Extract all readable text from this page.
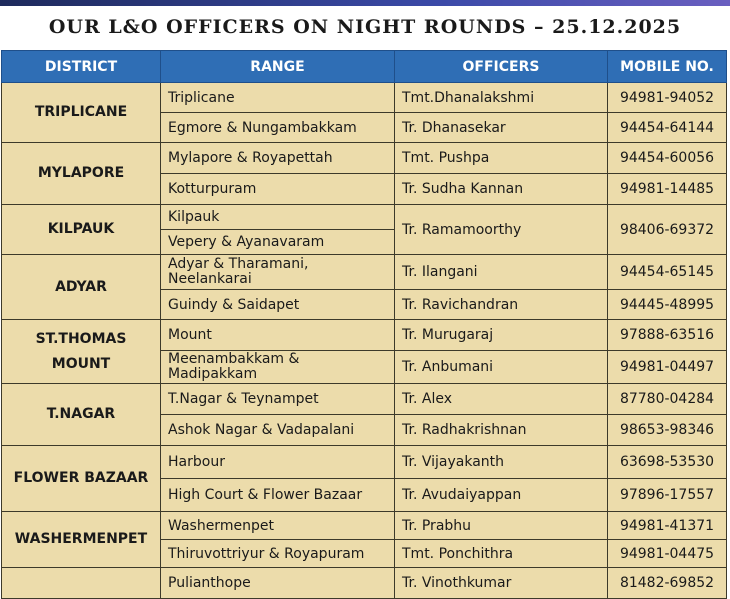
OUR L&O OFFICERS ON NIGHT ROUNDS – 25.12.2025
DISTRICT	RANGE	OFFICERS	MOBILE NO.
TRIPLICANE	Triplicane	Tmt.Dhanalakshmi	94981-94052
	Egmore & Nungambakkam	Tr. Dhanasekar	94454-64144
MYLAPORE	Mylapore & Royapettah	Tmt. Pushpa	94454-60056
	Kotturpuram	Tr. Sudha Kannan	94981-14485
KILPAUK	Kilpauk	Tr. Ramamoorthy	98406-69372
	Vepery & Ayanavaram		
ADYAR	Adyar & Tharamani, Neelankarai	Tr. Ilangani	94454-65145
	Guindy & Saidapet	Tr. Ravichandran	94445-48995
ST.THOMAS MOUNT	Mount	Tr. Murugaraj	97888-63516
	Meenambakkam & Madipakkam	Tr. Anbumani	94981-04497
T.NAGAR	T.Nagar & Teynampet	Tr. Alex	87780-04284
	Ashok Nagar & Vadapalani	Tr. Radhakrishnan	98653-98346
FLOWER BAZAAR	Harbour	Tr. Vijayakanth	63698-53530
	High Court & Flower Bazaar	Tr. Avudaiyappan	97896-17557
WASHERMENPET	Washermenpet	Tr. Prabhu	94981-41371
	Thiruvottriyur & Royapuram	Tmt. Ponchithra	94981-04475
	Pulianthope	Tr. Vinothkumar	81482-69852
